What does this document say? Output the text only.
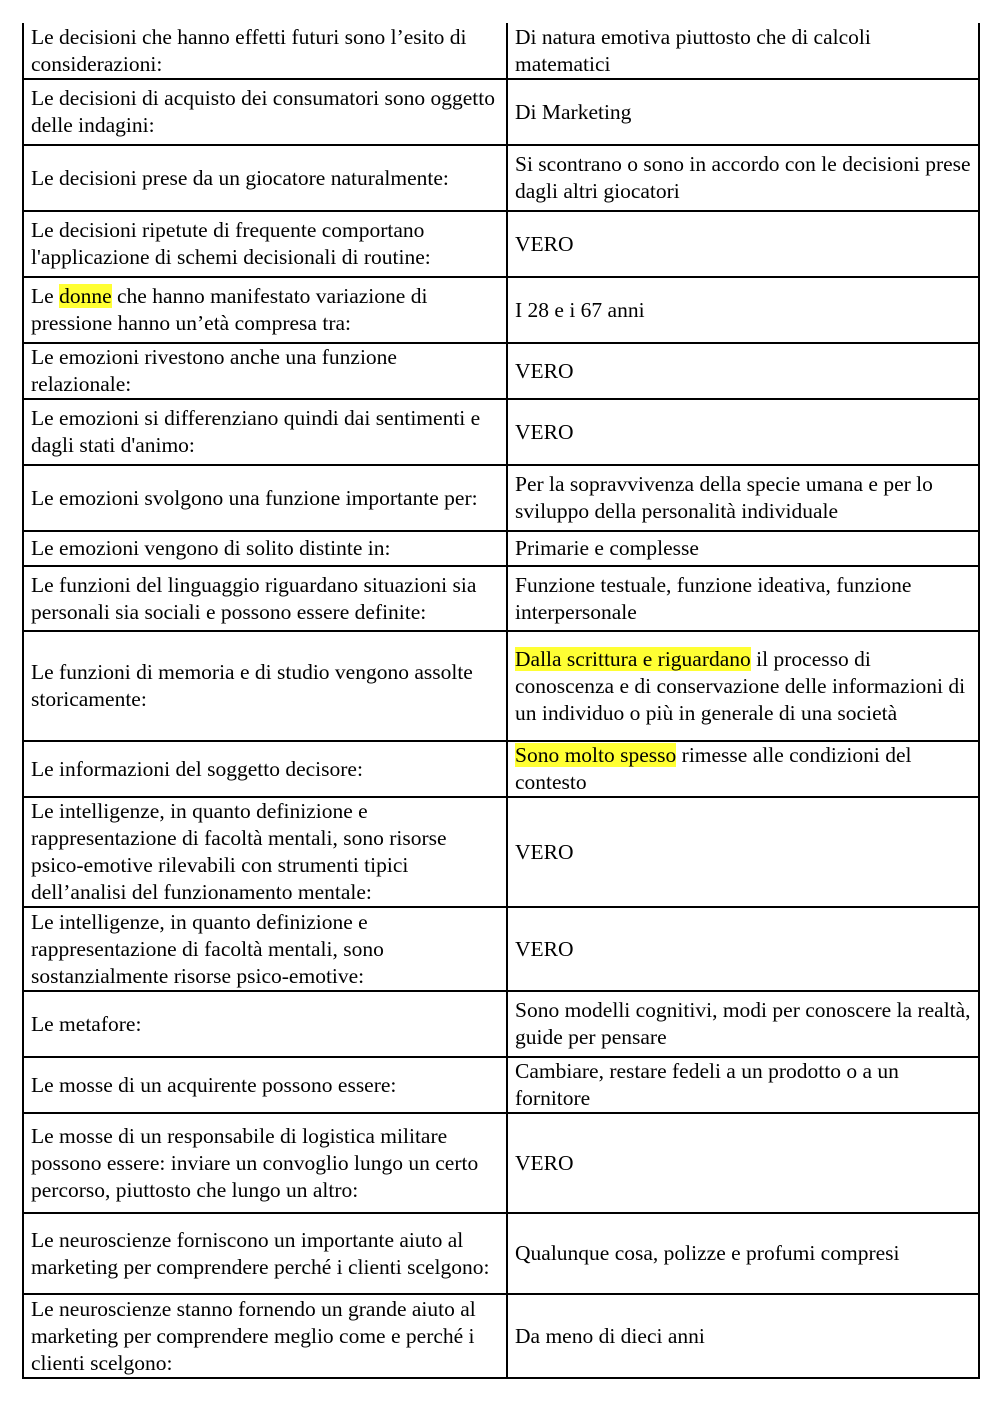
Le decisioni che hanno effetti futuri sono l’esito di considerazioni:	Di natura emotiva piuttosto che di calcoli matematici
Le decisioni di acquisto dei consumatori sono oggetto delle indagini:	Di Marketing
Le decisioni prese da un giocatore naturalmente:	Si scontrano o sono in accordo con le decisioni prese dagli altri giocatori
Le decisioni ripetute di frequente comportano l'applicazione di schemi decisionali di routine:	VERO
Le donne che hanno manifestato variazione di pressione hanno un’età compresa tra:	I 28 e i 67 anni
Le emozioni rivestono anche una funzione relazionale:	VERO
Le emozioni si differenziano quindi dai sentimenti e dagli stati d'animo:	VERO
Le emozioni svolgono una funzione importante per:	Per la sopravvivenza della specie umana e per lo sviluppo della personalità individuale
Le emozioni vengono di solito distinte in:	Primarie e complesse
Le funzioni del linguaggio riguardano situazioni sia personali sia sociali e possono essere definite:	Funzione testuale, funzione ideativa, funzione interpersonale
Le funzioni di memoria e di studio vengono assolte storicamente:	Dalla scrittura e riguardano il processo di conoscenza e di conservazione delle informazioni di un individuo o più in generale di una società
Le informazioni del soggetto decisore:	Sono molto spesso rimesse alle condizioni del contesto
Le intelligenze, in quanto definizione e rappresentazione di facoltà mentali, sono risorse psico-emotive rilevabili con strumenti tipici dell’analisi del funzionamento mentale:	VERO
Le intelligenze, in quanto definizione e rappresentazione di facoltà mentali, sono sostanzialmente risorse psico-emotive:	VERO
Le metafore:	Sono modelli cognitivi, modi per conoscere la realtà, guide per pensare
Le mosse di un acquirente possono essere:	Cambiare, restare fedeli a un prodotto o a un fornitore
Le mosse di un responsabile di logistica militare possono essere: inviare un convoglio lungo un certo percorso, piuttosto che lungo un altro:	VERO
Le neuroscienze forniscono un importante aiuto al marketing per comprendere perché i clienti scelgono:	Qualunque cosa, polizze e profumi compresi
Le neuroscienze stanno fornendo un grande aiuto al marketing per comprendere meglio come e perché i clienti scelgono:	Da meno di dieci anni
